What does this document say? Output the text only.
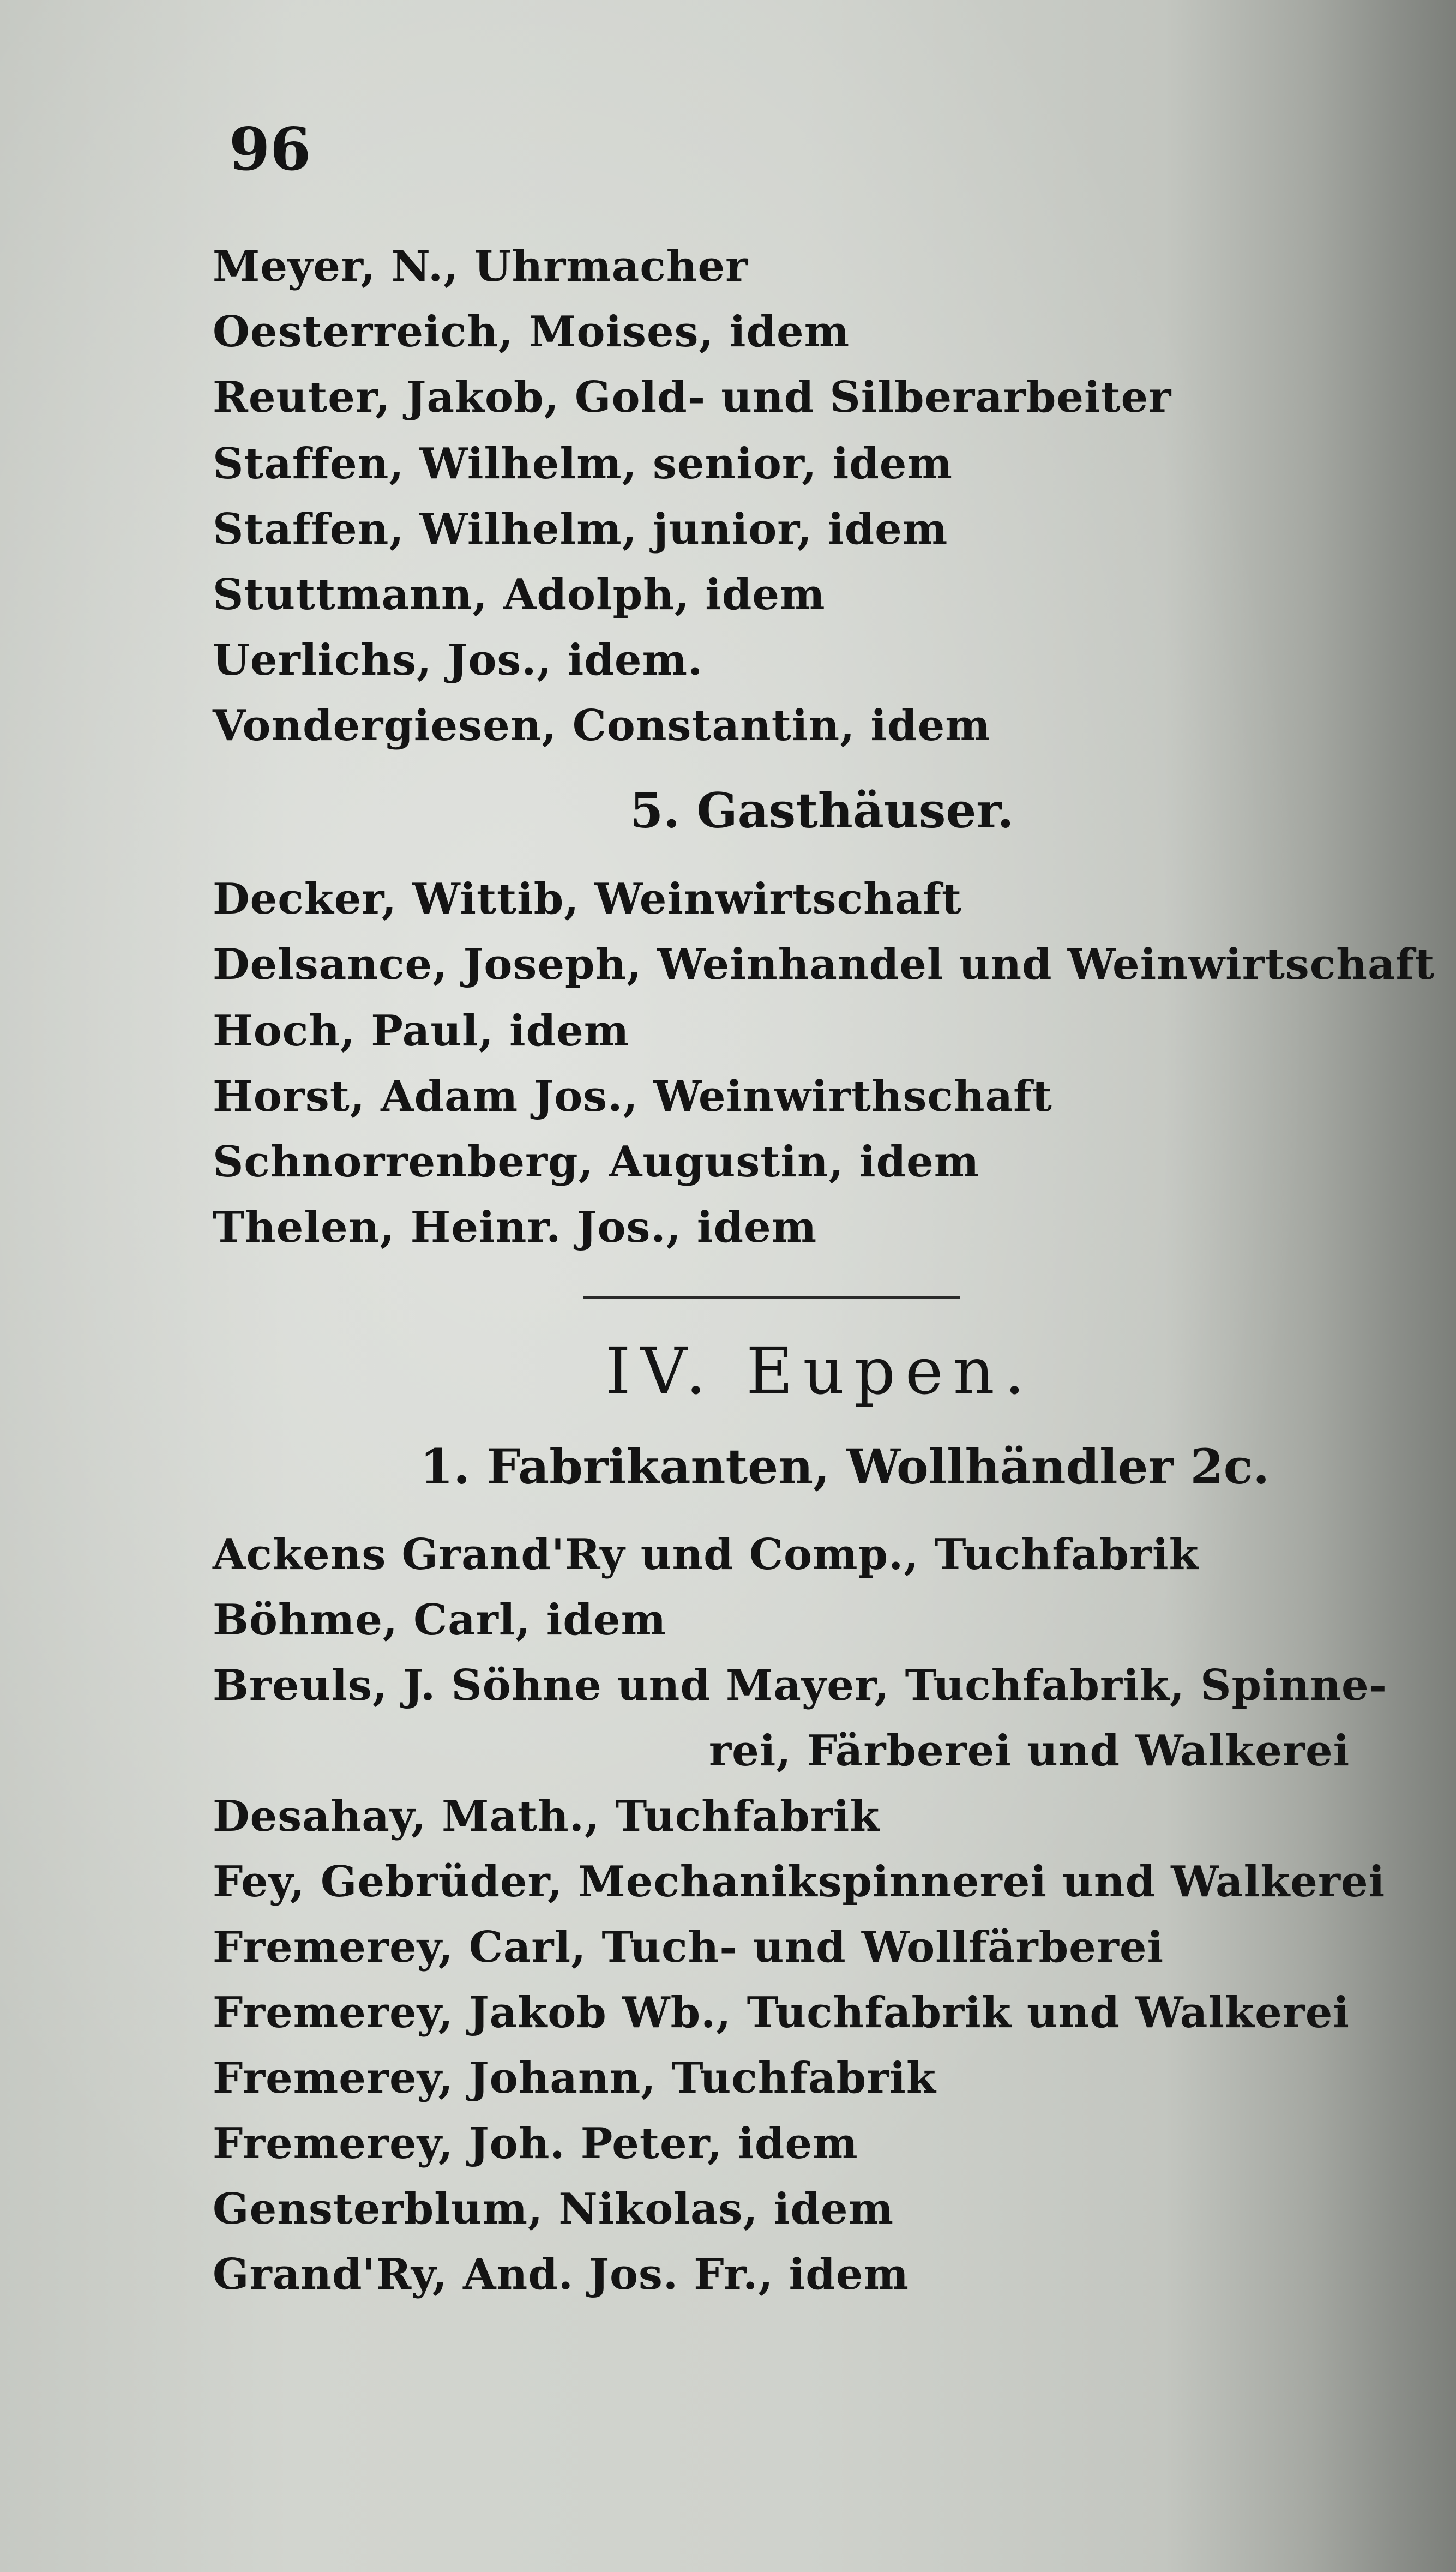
96
Meyer, N., Uhrmacher
Oesterreich, Moises, idem
Reuter, Jakob, Gold- und Silberarbeiter
Staffen, Wilhelm, senior, idem
Staffen, Wilhelm, junior, idem
Stuttmann, Adolph, idem
Uerlichs, Jos., idem.
Vondergiesen, Constantin, idem
5. Gasthäuser.
Decker, Wittib, Weinwirtschaft
Delsance, Joseph, Weinhandel und Weinwirtschaft
Hoch, Paul, idem
Horst, Adam Jos., Weinwirthschaft
Schnorrenberg, Augustin, idem
Thelen, Heinr. Jos., idem
IV. Eupen.
1. Fabrikanten, Wollhändler 2c.
Ackens Grand'Ry und Comp., Tuchfabrik
Böhme, Carl, idem
Breuls, J. Söhne und Mayer, Tuchfabrik, Spinne-
rei, Färberei und Walkerei
Desahay, Math., Tuchfabrik
Fey, Gebrüder, Mechanikspinnerei und Walkerei
Fremerey, Carl, Tuch- und Wollfärberei
Fremerey, Jakob Wb., Tuchfabrik und Walkerei
Fremerey, Johann, Tuchfabrik
Fremerey, Joh. Peter, idem
Gensterblum, Nikolas, idem
Grand'Ry, And. Jos. Fr., idem
